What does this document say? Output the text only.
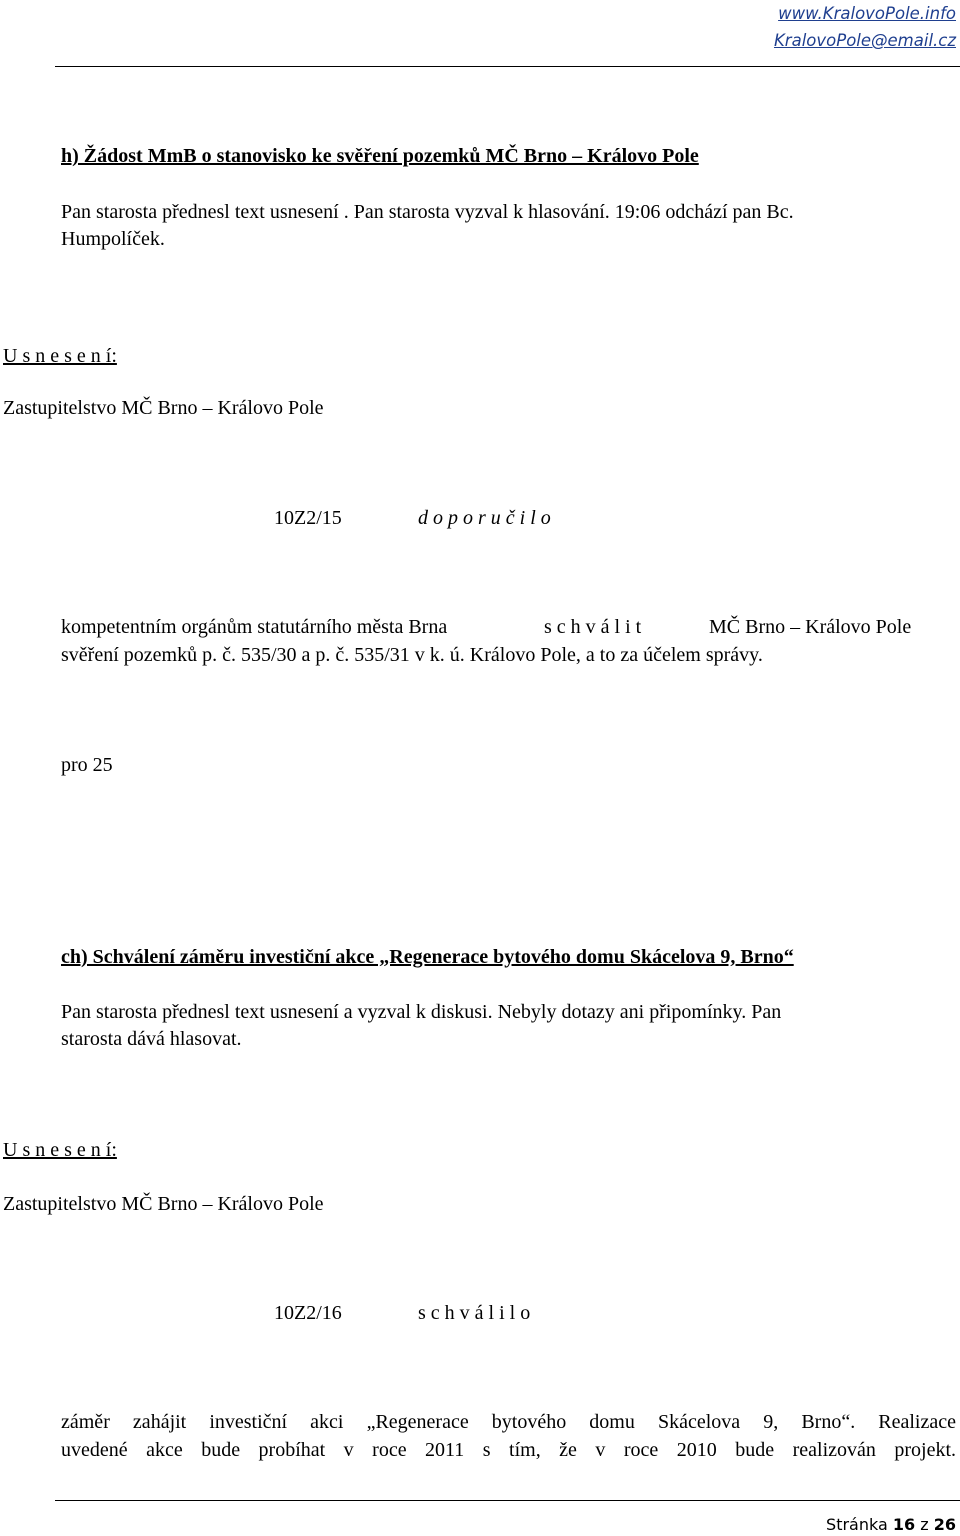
www.KralovoPole.info
KralovoPole@email.cz
h) Žádost MmB o stanovisko ke svěření pozemků MČ Brno – Královo Pole
Pan starosta přednesl text usnesení . Pan starosta vyzval k hlasování. 19:06 odchází pan Bc.
Humpolíček.
U s n e s e n í:
Zastupitelstvo MČ Brno – Královo Pole
10Z2/15	d o p o r u č i l o
kompetentním orgánům statutárního města Brna	s c h v á l i t	MČ Brno – Královo Pole
svěření pozemků p. č. 535/30 a p. č. 535/31 v k. ú. Královo Pole, a to za účelem správy.
pro 25
ch) Schválení záměru investiční akce „Regenerace bytového domu Skácelova 9, Brno“
Pan starosta přednesl text usnesení a vyzval k diskusi. Nebyly dotazy ani připomínky. Pan
starosta dává hlasovat.
U s n e s e n í:
Zastupitelstvo MČ Brno – Královo Pole
10Z2/16	s c h v á l i l o
záměr zahájit investiční akci „Regenerace bytového domu Skácelova 9, Brno“. Realizace
uvedené akce bude probíhat v roce 2011 s tím, že v roce 2010 bude realizován projekt.
Stránka 16 z 26
